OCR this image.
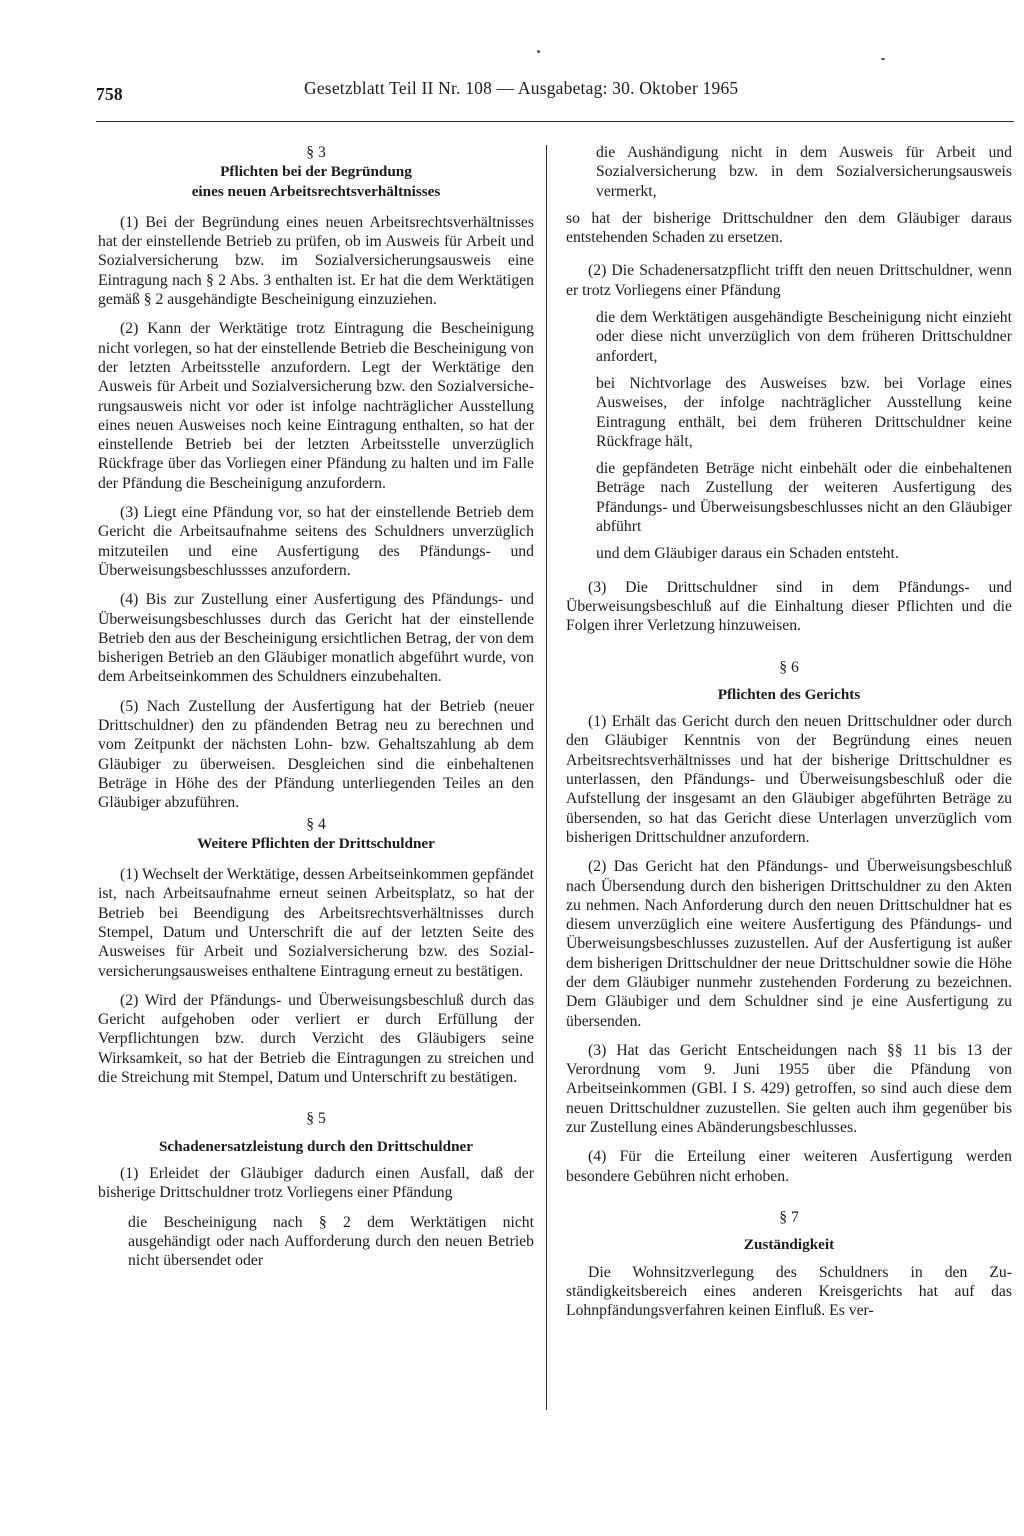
758	Gesetzblatt Teil II Nr. 108 — Ausgabetag: 30. Oktober 1965
§ 3
Pflichten bei der Begründung
eines neuen Arbeitsrechtsverhältnisses

(1) Bei der Begründung eines neuen Arbeitsrechtsverhältnisses hat der einstellende Betrieb zu prüfen, ob im Ausweis für Arbeit und Sozialversicherung bzw. im Sozialversicherungsausweis eine Eintragung nach § 2 Abs. 3 enthalten ist. Er hat die dem Werktätigen gemäß § 2 ausgehändigte Bescheinigung einzuziehen.

(2) Kann der Werktätige trotz Eintragung die Bescheinigung nicht vorlegen, so hat der einstellende Betrieb die Bescheinigung von der letzten Arbeitsstelle anzufordern. Legt der Werktätige den Ausweis für Arbeit und Sozialversicherung bzw. den Sozialversicherungsausweis nicht vor oder ist infolge nachträglicher Ausstellung eines neuen Ausweises noch keine Eintragung enthalten, so hat der einstellende Betrieb bei der letzten Arbeitsstelle unverzüglich Rückfrage über das Vorliegen einer Pfändung zu halten und im Falle der Pfändung die Bescheinigung anzufordern.

(3) Liegt eine Pfändung vor, so hat der einstellende Betrieb dem Gericht die Arbeitsaufnahme seitens des Schuldners unverzüglich mitzuteilen und eine Ausfertigung des Pfändungs- und Überweisungsbeschlussses anzufordern.

(4) Bis zur Zustellung einer Ausfertigung des Pfändungs- und Überweisungsbeschlusses durch das Gericht hat der einstellende Betrieb den aus der Bescheinigung ersichtlichen Betrag, der von dem bisherigen Betrieb an den Gläubiger monatlich abgeführt wurde, von dem Arbeitseinkommen des Schuldners einzubehalten.

(5) Nach Zustellung der Ausfertigung hat der Betrieb (neuer Drittschuldner) den zu pfändenden Betrag neu zu berechnen und vom Zeitpunkt der nächsten Lohn- bzw. Gehaltszahlung ab dem Gläubiger zu überweisen. Desgleichen sind die einbehaltenen Beträge in Höhe des der Pfändung unterliegenden Teiles an den Gläubiger abzuführen.

§ 4
Weitere Pflichten der Drittschuldner

(1) Wechselt der Werktätige, dessen Arbeitseinkommen gepfändet ist, nach Arbeitsaufnahme erneut seinen Arbeitsplatz, so hat der Betrieb bei Beendigung des Arbeitsrechtsverhältnisses durch Stempel, Datum und Unterschrift die auf der letzten Seite des Ausweises für Arbeit und Sozialversicherung bzw. des Sozialversicherungsausweises enthaltene Eintragung erneut zu bestätigen.

(2) Wird der Pfändungs- und Überweisungsbeschluß durch das Gericht aufgehoben oder verliert er durch Erfüllung der Verpflichtungen bzw. durch Verzicht des Gläubigers seine Wirksamkeit, so hat der Betrieb die Eintragungen zu streichen und die Streichung mit Stempel, Datum und Unterschrift zu bestätigen.

§ 5
Schadenersatzleistung durch den Drittschuldner

(1) Erleidet der Gläubiger dadurch einen Ausfall, daß der bisherige Drittschuldner trotz Vorliegens einer Pfändung

die Bescheinigung nach § 2 dem Werktätigen nicht ausgehändigt oder nach Aufforderung durch den neuen Betrieb nicht übersendet oder

die Aushändigung nicht in dem Ausweis für Arbeit und Sozialversicherung bzw. in dem Sozialversicherungsausweis vermerkt,

so hat der bisherige Drittschuldner den dem Gläubiger daraus entstehenden Schaden zu ersetzen.

(2) Die Schadenersatzpflicht trifft den neuen Drittschuldner, wenn er trotz Vorliegens einer Pfändung

die dem Werktätigen ausgehändigte Bescheinigung nicht einzieht oder diese nicht unverzüglich von dem früheren Drittschuldner anfordert,

bei Nichtvorlage des Ausweises bzw. bei Vorlage eines Ausweises, der infolge nachträglicher Ausstellung keine Eintragung enthält, bei dem früheren Drittschuldner keine Rückfrage hält,

die gepfändeten Beträge nicht einbehält oder die einbehaltenen Beträge nach Zustellung der weiteren Ausfertigung des Pfändungs- und Überweisungsbeschlusses nicht an den Gläubiger abführt

und dem Gläubiger daraus ein Schaden entsteht.

(3) Die Drittschuldner sind in dem Pfändungs- und Überweisungsbeschluß auf die Einhaltung dieser Pflichten und die Folgen ihrer Verletzung hinzuweisen.

§ 6
Pflichten des Gerichts

(1) Erhält das Gericht durch den neuen Drittschuldner oder durch den Gläubiger Kenntnis von der Begründung eines neuen Arbeitsrechtsverhältnisses und hat der bisherige Drittschuldner es unterlassen, den Pfändungs- und Überweisungsbeschluß oder die Aufstellung der insgesamt an den Gläubiger abgeführten Beträge zu übersenden, so hat das Gericht diese Unterlagen unverzüglich vom bisherigen Drittschuldner anzufordern.

(2) Das Gericht hat den Pfändungs- und Überweisungsbeschluß nach Übersendung durch den bisherigen Drittschuldner zu den Akten zu nehmen. Nach Anforderung durch den neuen Drittschuldner hat es diesem unverzüglich eine weitere Ausfertigung des Pfändungs- und Überweisungsbeschlusses zuzustellen. Auf der Ausfertigung ist außer dem bisherigen Drittschuldner der neue Drittschuldner sowie die Höhe der dem Gläubiger nunmehr zustehenden Forderung zu bezeichnen. Dem Gläubiger und dem Schuldner sind je eine Ausfertigung zu übersenden.

(3) Hat das Gericht Entscheidungen nach §§ 11 bis 13 der Verordnung vom 9. Juni 1955 über die Pfändung von Arbeitseinkommen (GBl. I S. 429) getroffen, so sind auch diese dem neuen Drittschuldner zuzustellen. Sie gelten auch ihm gegenüber bis zur Zustellung eines Abänderungsbeschlusses.

(4) Für die Erteilung einer weiteren Ausfertigung werden besondere Gebühren nicht erhoben.

§ 7
Zuständigkeit

Die Wohnsitzverlegung des Schuldners in den Zuständigkeitsbereich eines anderen Kreisgerichts hat auf das Lohnpfändungsverfahren keinen Einfluß. Es ver-
